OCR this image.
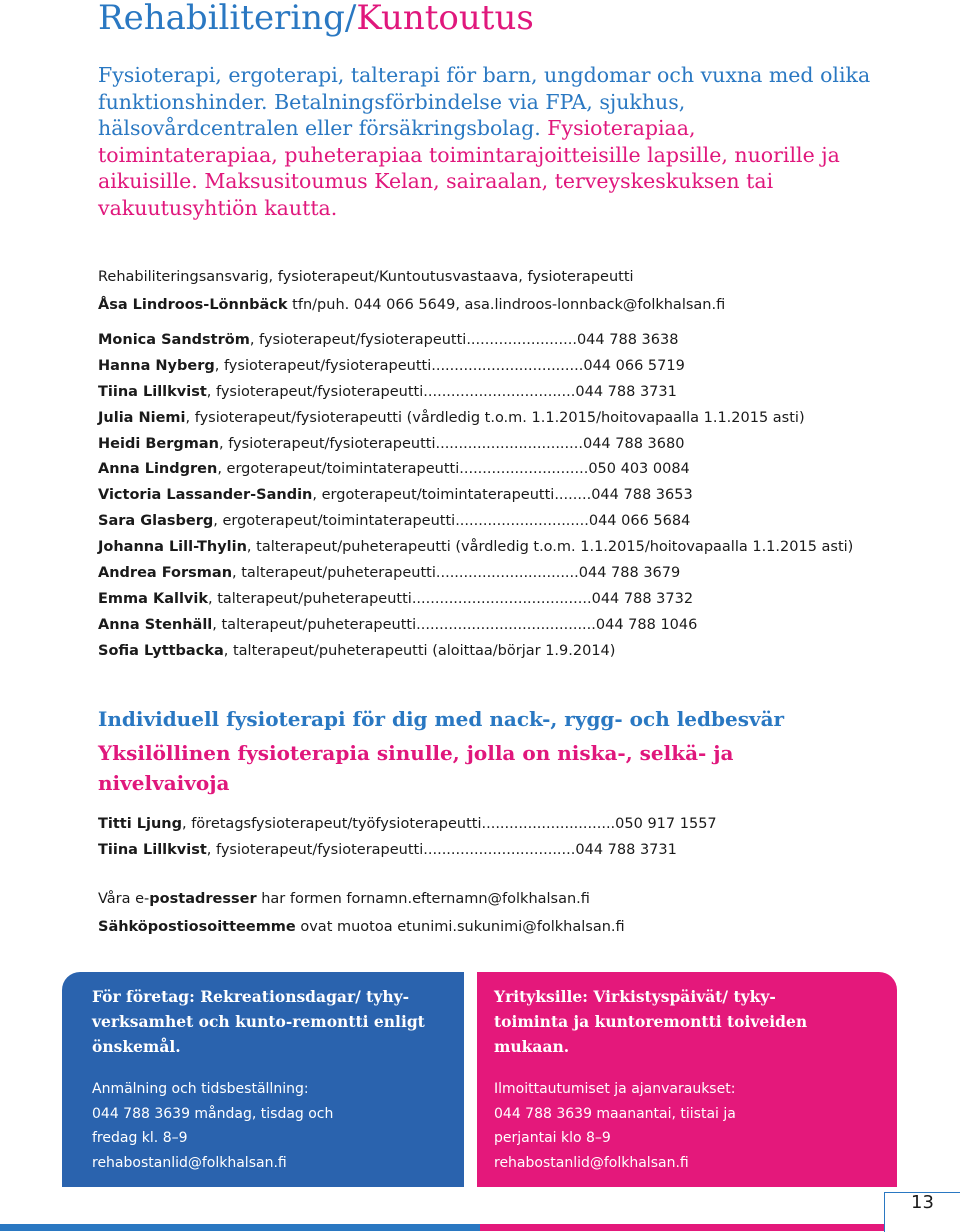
Rehabilitering/Kuntoutus
Fysioterapi, ergoterapi, talterapi för barn, ungdomar och vuxna med olika funktionshinder. Betalningsförbindelse via FPA, sjukhus, hälsovårdcentralen eller försäkringsbolag. Fysioterapiaa, toimintaterapiaa, puheterapiaa toimintarajoitteisille lapsille, nuorille ja aikuisille. Maksusitoumus Kelan, sairaalan, terveyskeskuksen tai vakuutusyhtiön kautta.
Rehabiliteringsansvarig, fysioterapeut/Kuntoutusvastaava, fysioterapeutti
Åsa Lindroos-Lönnbäck tfn/puh. 044 066 5649, asa.lindroos-lonnback@folkhalsan.fi
Monica Sandström, fysioterapeut/fysioterapeutti........................044 788 3638
Hanna Nyberg, fysioterapeut/fysioterapeutti.................................044 066 5719
Tiina Lillkvist, fysioterapeut/fysioterapeutti.................................044 788 3731
Julia Niemi, fysioterapeut/fysioterapeutti (vårdledig t.o.m. 1.1.2015/hoitovapaalla 1.1.2015 asti)
Heidi Bergman, fysioterapeut/fysioterapeutti................................044 788 3680
Anna Lindgren, ergoterapeut/toimintaterapeutti............................050 403 0084
Victoria Lassander-Sandin, ergoterapeut/toimintaterapeutti........044 788 3653
Sara Glasberg, ergoterapeut/toimintaterapeutti.............................044 066 5684
Johanna Lill-Thylin, talterapeut/puheterapeutti (vårdledig t.o.m. 1.1.2015/hoitovapaalla 1.1.2015 asti)
Andrea Forsman, talterapeut/puheterapeutti...............................044 788 3679
Emma Kallvik, talterapeut/puheterapeutti.......................................044 788 3732
Anna Stenhäll, talterapeut/puheterapeutti.......................................044 788 1046
Sofia Lyttbacka, talterapeut/puheterapeutti (aloittaa/börjar 1.9.2014)
Individuell fysioterapi för dig med nack-, rygg- och ledbesvär
Yksilöllinen fysioterapia sinulle, jolla on niska-, selkä- ja nivelvaivoja
Titti Ljung, företagsfysioterapeut/työfysioterapeutti.............................050 917 1557
Tiina Lillkvist, fysioterapeut/fysioterapeutti.................................044 788 3731
Våra e-postadresser har formen fornamn.efternamn@folkhalsan.fi
Sähköpostiosoitteemme ovat muotoa etunimi.sukunimi@folkhalsan.fi
För företag: Rekreationsdagar/ tyhy-verksamhet och kunto-remontti enligt önskemål.
Anmälning och tidsbeställning:
044 788 3639 måndag, tisdag och
fredag kl. 8–9
rehabostanlid@folkhalsan.fi
Yrityksille: Virkistyspäivät/ tyky-toiminta ja kuntoremontti toiveiden mukaan.
Ilmoittautumiset ja ajanvaraukset:
044 788 3639 maanantai, tiistai ja
perjantai klo 8–9
rehabostanlid@folkhalsan.fi
13
